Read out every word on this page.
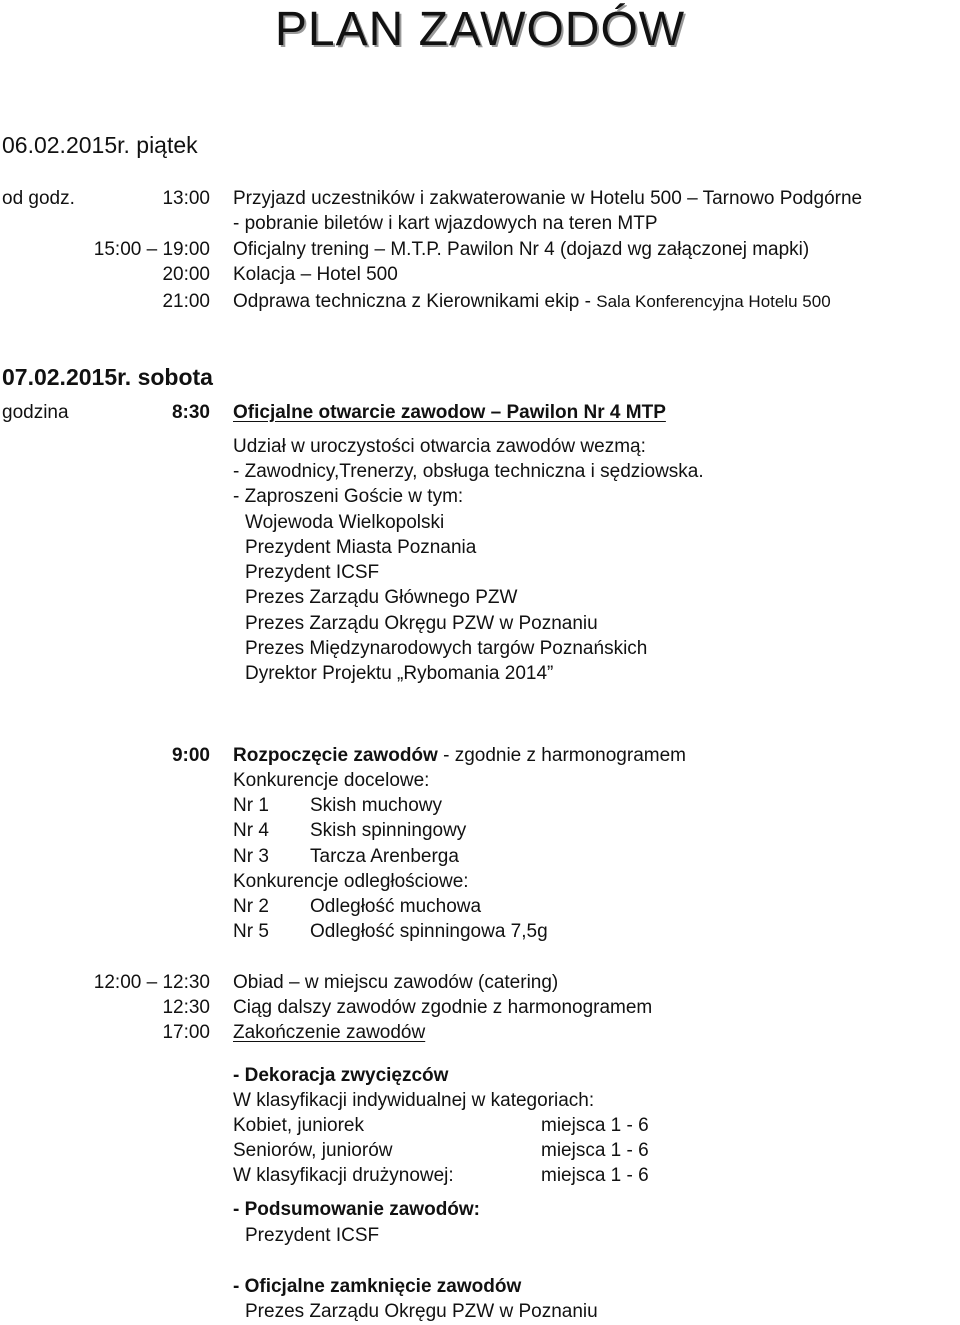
PLAN ZAWODÓW
06.02.2015r. piątek
od godz.	13:00 Przyjazd uczestników i zakwaterowanie w Hotelu 500 – Tarnowo Podgórne
- pobranie biletów i kart wjazdowych na teren MTP
15:00 – 19:00 Oficjalny trening – M.T.P. Pawilon Nr 4 (dojazd wg załączonej mapki)
20:00 Kolacja – Hotel 500
21:00 Odprawa techniczna z Kierownikami ekip - Sala Konferencyjna Hotelu 500
07.02.2015r. sobota
godzina	8:30 Oficjalne otwarcie zawodow – Pawilon Nr 4 MTP
Udział w uroczystości otwarcia zawodów wezmą:
- Zawodnicy,Trenerzy, obsługa techniczna i sędziowska.
- Zaproszeni Goście w tym:
Wojewoda Wielkopolski
Prezydent Miasta Poznania
Prezydent ICSF
Prezes Zarządu Głównego PZW
Prezes Zarządu Okręgu PZW w Poznaniu
Prezes Międzynarodowych targów Poznańskich
Dyrektor Projektu „Rybomania 2014”
9:00 Rozpoczęcie zawodów - zgodnie z harmonogramem
Konkurencje docelowe:
Nr 1 Skish muchowy
Nr 4 Skish spinningowy
Nr 3 Tarcza Arenberga
Konkurencje odległościowe:
Nr 2 Odległość muchowa
Nr 5 Odległość spinningowa 7,5g
12:00 – 12:30 Obiad – w miejscu zawodów (catering)
12:30 Ciąg dalszy zawodów zgodnie z harmonogramem
17:00 Zakończenie zawodów
- Dekoracja zwycięzców
W klasyfikacji indywidualnej w kategoriach:
Kobiet, juniorek	miejsca 1 - 6
Seniorów, juniorów	miejsca 1 - 6
W klasyfikacji drużynowej:	miejsca 1 - 6
- Podsumowanie zawodów:
Prezydent ICSF
- Oficjalne zamknięcie zawodów
Prezes Zarządu Okręgu PZW w Poznaniu
